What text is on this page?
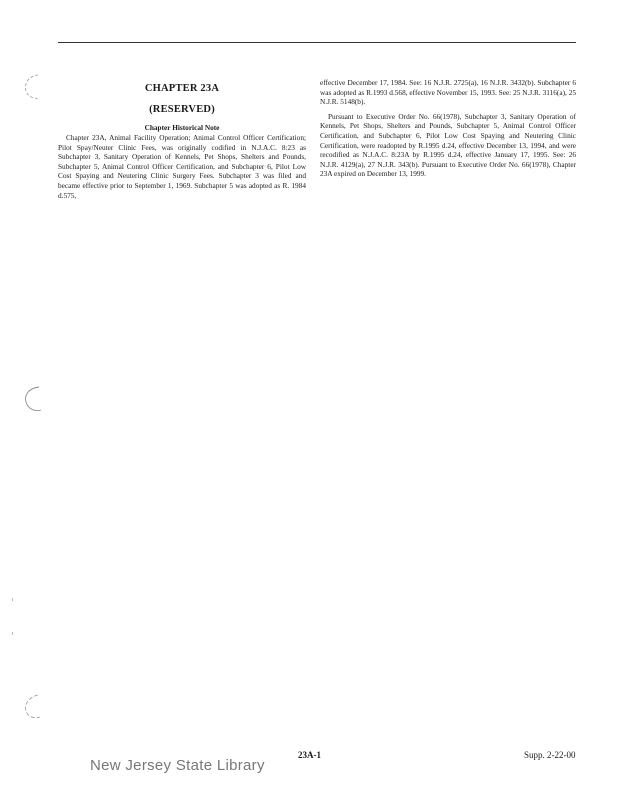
CHAPTER 23A
(RESERVED)
Chapter Historical Note

Chapter 23A, Animal Facility Operation; Animal Control Officer Certification; Pilot Spay/Neuter Clinic Fees, was originally codified in N.J.A.C. 8:23 as Subchapter 3, Sanitary Operation of Kennels, Pet Shops, Shelters and Pounds, Subchapter 5, Animal Control Officer Certification, and Subchapter 6, Pilot Low Cost Spaying and Neutering Clinic Surgery Fees. Subchapter 3 was filed and became effective prior to September 1, 1969. Subchapter 5 was adopted as R. 1984 d.575,

effective December 17, 1984. See: 16 N.J.R. 2725(a), 16 N.J.R. 3432(b). Subchapter 6 was adopted as R.1993 d.568, effective November 15, 1993. See: 25 N.J.R. 3116(a), 25 N.J.R. 5148(b).

Pursuant to Executive Order No. 66(1978), Subchapter 3, Sanitary Operation of Kennels, Pet Shops, Shelters and Pounds, Subchapter 5, Animal Control Officer Certification, and Subchapter 6, Pilot Low Cost Spaying and Neutering Clinic Certification, were readopted by R.1995 d.24, effective December 13, 1994, and were recodified as N.J.A.C. 8:23A by R.1995 d.24, effective January 17, 1995. See: 26 N.J.R. 4129(a), 27 N.J.R. 343(b). Pursuant to Executive Order No. 66(1978), Chapter 23A expired on December 13, 1999.

23A-1	Supp. 2-22-00
New Jersey State Library
